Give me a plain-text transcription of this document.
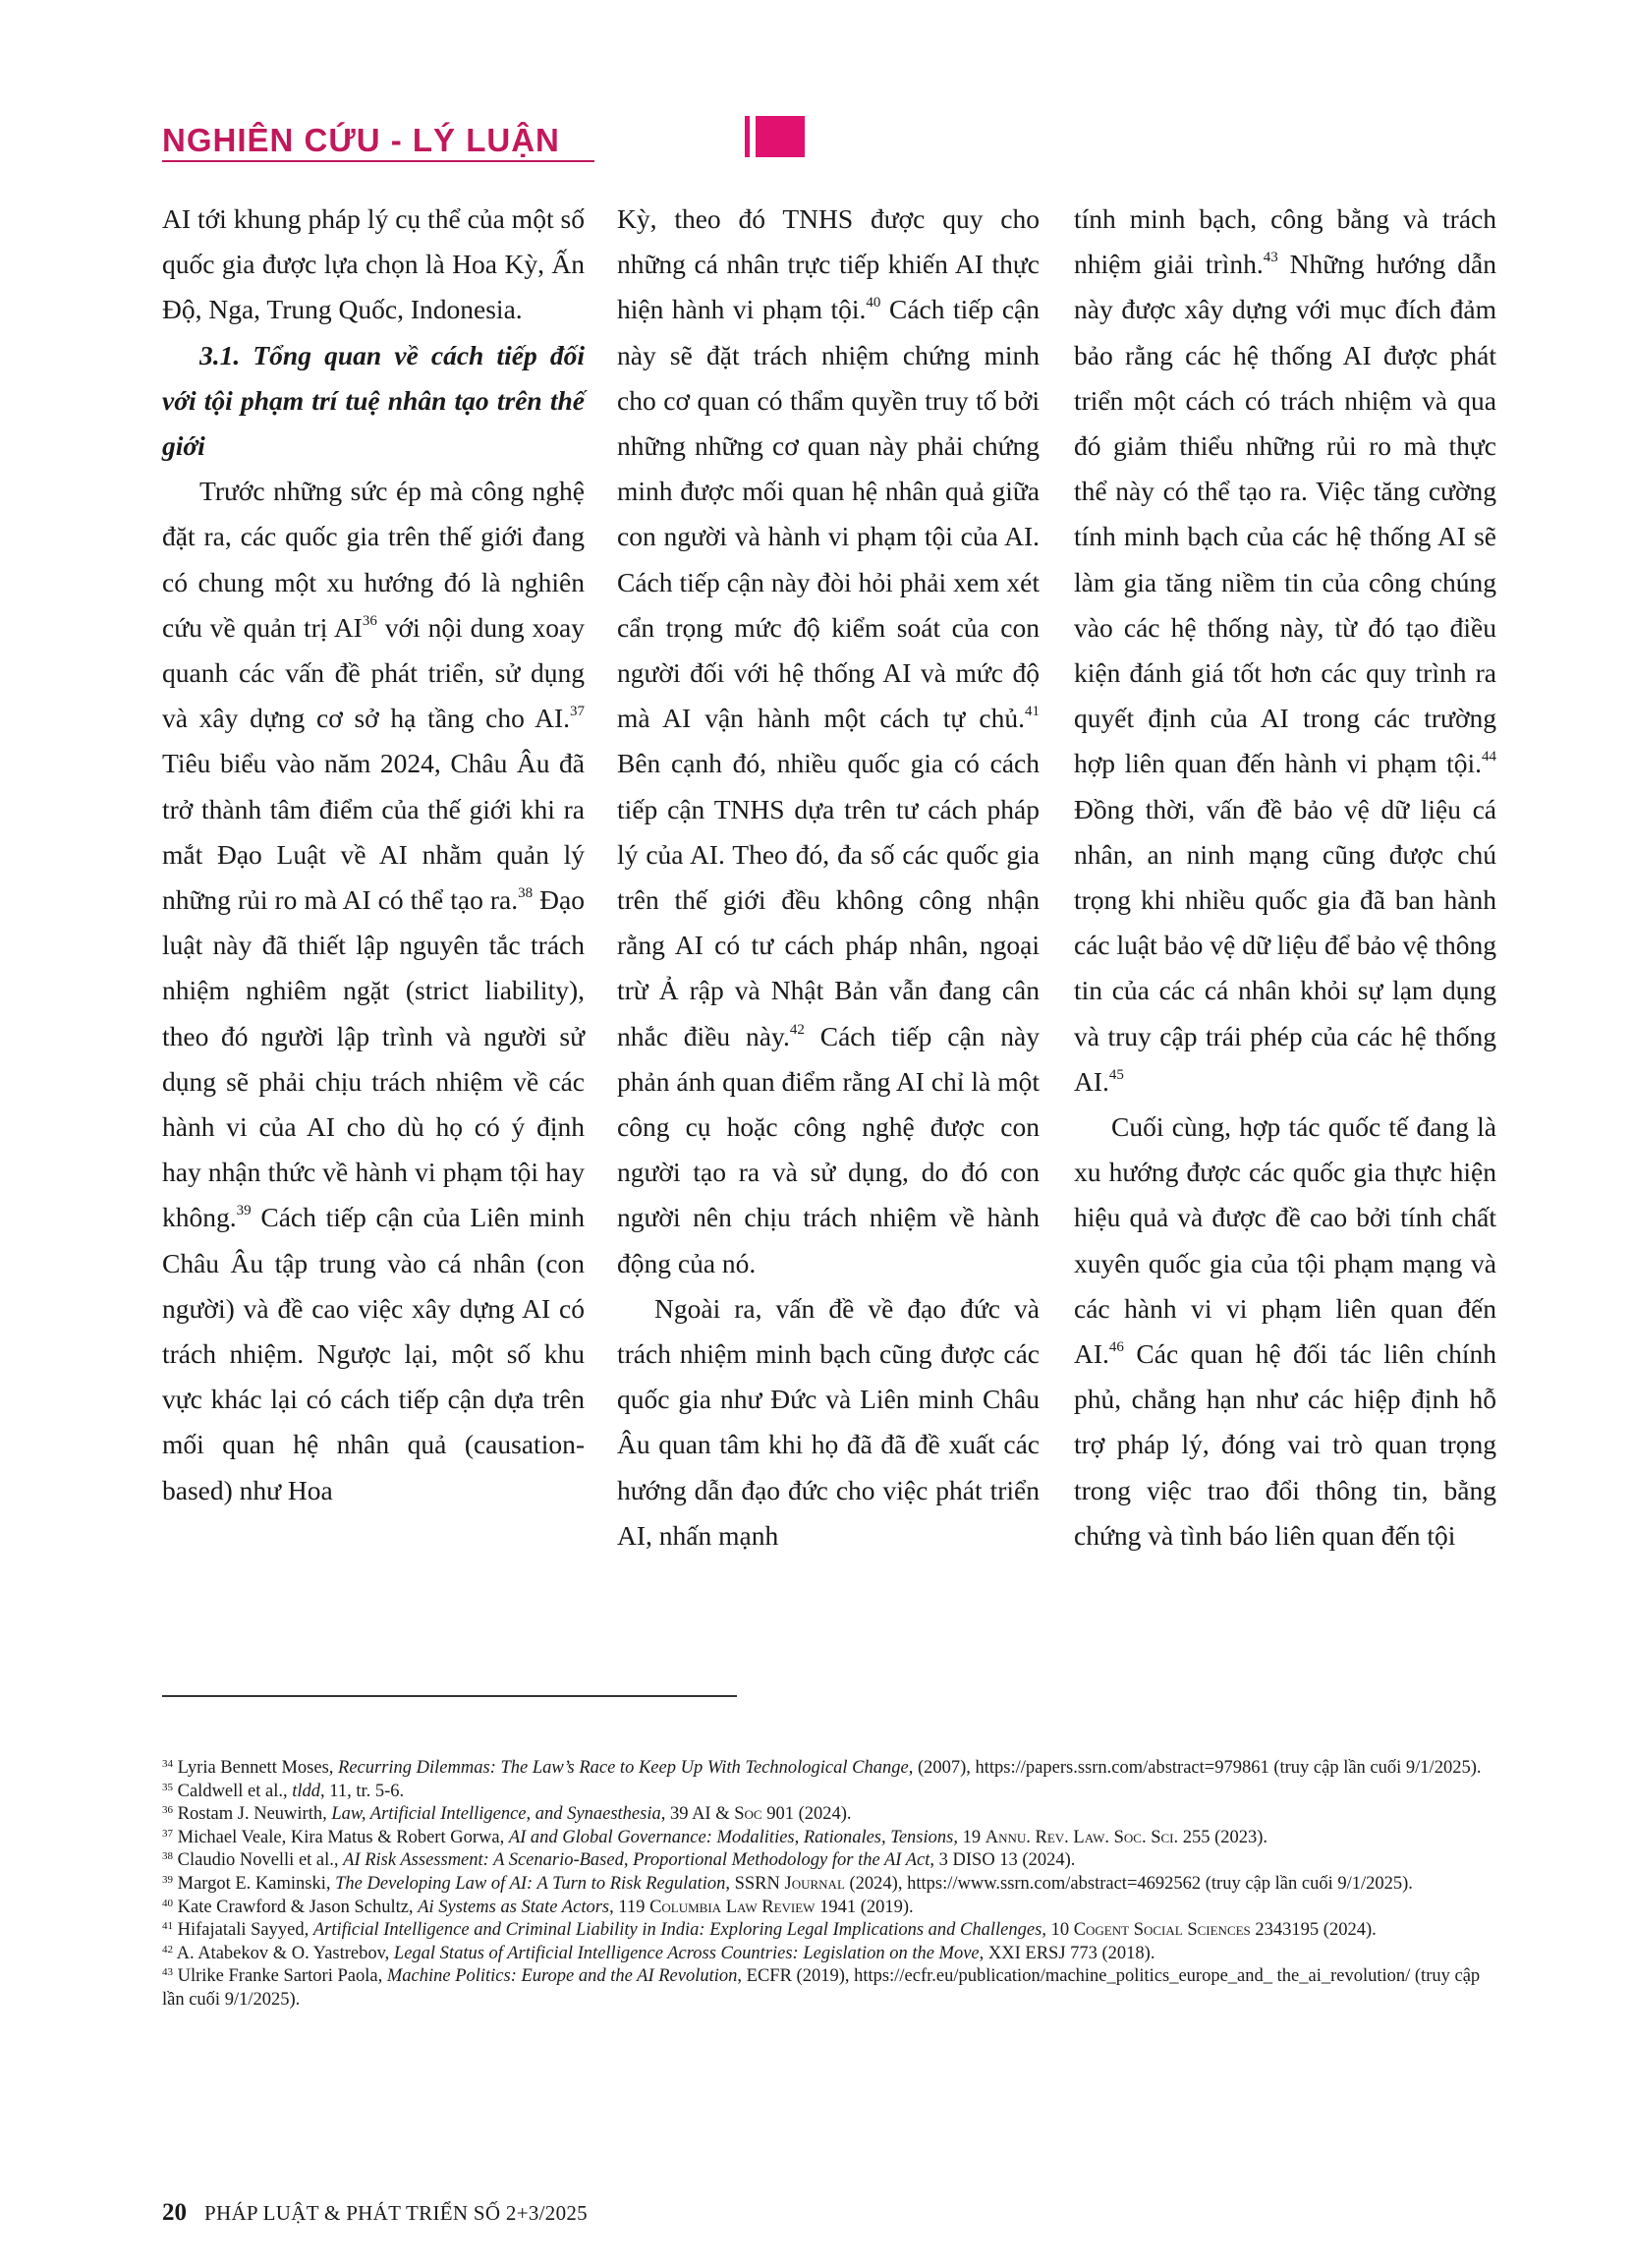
NGHIÊN CỨU - LÝ LUẬN

AI tới khung pháp lý cụ thể của một số quốc gia được lựa chọn là Hoa Kỳ, Ấn Độ, Nga, Trung Quốc, Indonesia.

3.1. Tổng quan về cách tiếp đối với tội phạm trí tuệ nhân tạo trên thế giới

Trước những sức ép mà công nghệ đặt ra, các quốc gia trên thế giới đang có chung một xu hướng đó là nghiên cứu về quản trị AI$^{36}$ với nội dung xoay quanh các vấn đề phát triển, sử dụng và xây dựng cơ sở hạ tầng cho AI.$^{37}$ Tiêu biểu vào năm 2024, Châu Âu đã trở thành tâm điểm của thế giới khi ra mắt Đạo Luật về AI nhằm quản lý những rủi ro mà AI có thể tạo ra.$^{38}$ Đạo luật này đã thiết lập nguyên tắc trách nhiệm nghiêm ngặt (strict liability), theo đó người lập trình và người sử dụng sẽ phải chịu trách nhiệm về các hành vi của AI cho dù họ có ý định hay nhận thức về hành vi phạm tội hay không.$^{39}$ Cách tiếp cận của Liên minh Châu Âu tập trung vào cá nhân (con người) và đề cao việc xây dựng AI có trách nhiệm. Ngược lại, một số khu vực khác lại có cách tiếp cận dựa trên mối quan hệ nhân quả (causation-based) như Hoa

Kỳ, theo đó TNHS được quy cho những cá nhân trực tiếp khiến AI thực hiện hành vi phạm tội.$^{40}$ Cách tiếp cận này sẽ đặt trách nhiệm chứng minh cho cơ quan có thẩm quyền truy tố bởi những những cơ quan này phải chứng minh được mối quan hệ nhân quả giữa con người và hành vi phạm tội của AI. Cách tiếp cận này đòi hỏi phải xem xét cẩn trọng mức độ kiểm soát của con người đối với hệ thống AI và mức độ mà AI vận hành một cách tự chủ.$^{41}$ Bên cạnh đó, nhiều quốc gia có cách tiếp cận TNHS dựa trên tư cách pháp lý của AI. Theo đó, đa số các quốc gia trên thế giới đều không công nhận rằng AI có tư cách pháp nhân, ngoại trừ Ả rập và Nhật Bản vẫn đang cân nhắc điều này.$^{42}$ Cách tiếp cận này phản ánh quan điểm rằng AI chỉ là một công cụ hoặc công nghệ được con người tạo ra và sử dụng, do đó con người nên chịu trách nhiệm về hành động của nó.

Ngoài ra, vấn đề về đạo đức và trách nhiệm minh bạch cũng được các quốc gia như Đức và Liên minh Châu Âu quan tâm khi họ đã đã đề xuất các hướng dẫn đạo đức cho việc phát triển AI, nhấn mạnh

tính minh bạch, công bằng và trách nhiệm giải trình.$^{43}$ Những hướng dẫn này được xây dựng với mục đích đảm bảo rằng các hệ thống AI được phát triển một cách có trách nhiệm và qua đó giảm thiểu những rủi ro mà thực thể này có thể tạo ra. Việc tăng cường tính minh bạch của các hệ thống AI sẽ làm gia tăng niềm tin của công chúng vào các hệ thống này, từ đó tạo điều kiện đánh giá tốt hơn các quy trình ra quyết định của AI trong các trường hợp liên quan đến hành vi phạm tội.$^{44}$ Đồng thời, vấn đề bảo vệ dữ liệu cá nhân, an ninh mạng cũng được chú trọng khi nhiều quốc gia đã ban hành các luật bảo vệ dữ liệu để bảo vệ thông tin của các cá nhân khỏi sự lạm dụng và truy cập trái phép của các hệ thống AI.$^{45}$

Cuối cùng, hợp tác quốc tế đang là xu hướng được các quốc gia thực hiện hiệu quả và được đề cao bởi tính chất xuyên quốc gia của tội phạm mạng và các hành vi vi phạm liên quan đến AI.$^{46}$ Các quan hệ đối tác liên chính phủ, chẳng hạn như các hiệp định hỗ trợ pháp lý, đóng vai trò quan trọng trong việc trao đổi thông tin, bằng chứng và tình báo liên quan đến tội

$^{34}$ Lyria Bennett Moses, Recurring Dilemmas: The Law’s Race to Keep Up With Technological Change, (2007), https://papers.ssrn.com/abstract=979861 (truy cập lần cuối 9/1/2025).

$^{35}$ Caldwell et al., tldd, 11, tr. 5-6.

$^{36}$ Rostam J. Neuwirth, Law, Artificial Intelligence, and Synaesthesia, 39 AI & Soc 901 (2024).

$^{37}$ Michael Veale, Kira Matus & Robert Gorwa, AI and Global Governance: Modalities, Rationales, Tensions, 19 Annu. Rev. Law. Soc. Sci. 255 (2023).

$^{38}$ Claudio Novelli et al., AI Risk Assessment: A Scenario-Based, Proportional Methodology for the AI Act, 3 DISO 13 (2024).

$^{39}$ Margot E. Kaminski, The Developing Law of AI: A Turn to Risk Regulation, SSRN Journal (2024), https://www.ssrn.com/abstract=4692562 (truy cập lần cuối 9/1/2025).

$^{40}$ Kate Crawford & Jason Schultz, Ai Systems as State Actors, 119 Columbia Law Review 1941 (2019).

$^{41}$ Hifajatali Sayyed, Artificial Intelligence and Criminal Liability in India: Exploring Legal Implications and Challenges, 10 Cogent Social Sciences 2343195 (2024).

$^{42}$ A. Atabekov & O. Yastrebov, Legal Status of Artificial Intelligence Across Countries: Legislation on the Move, XXI ERSJ 773 (2018).

$^{43}$ Ulrike Franke Sartori Paola, Machine Politics: Europe and the AI Revolution, ECFR (2019), https://ecfr.eu/publication/machine_politics_europe_and_ the_ai_revolution/ (truy cập lần cuối 9/1/2025).

20 PHÁP LUẬT & PHÁT TRIỂN SỐ 2+3/2025
